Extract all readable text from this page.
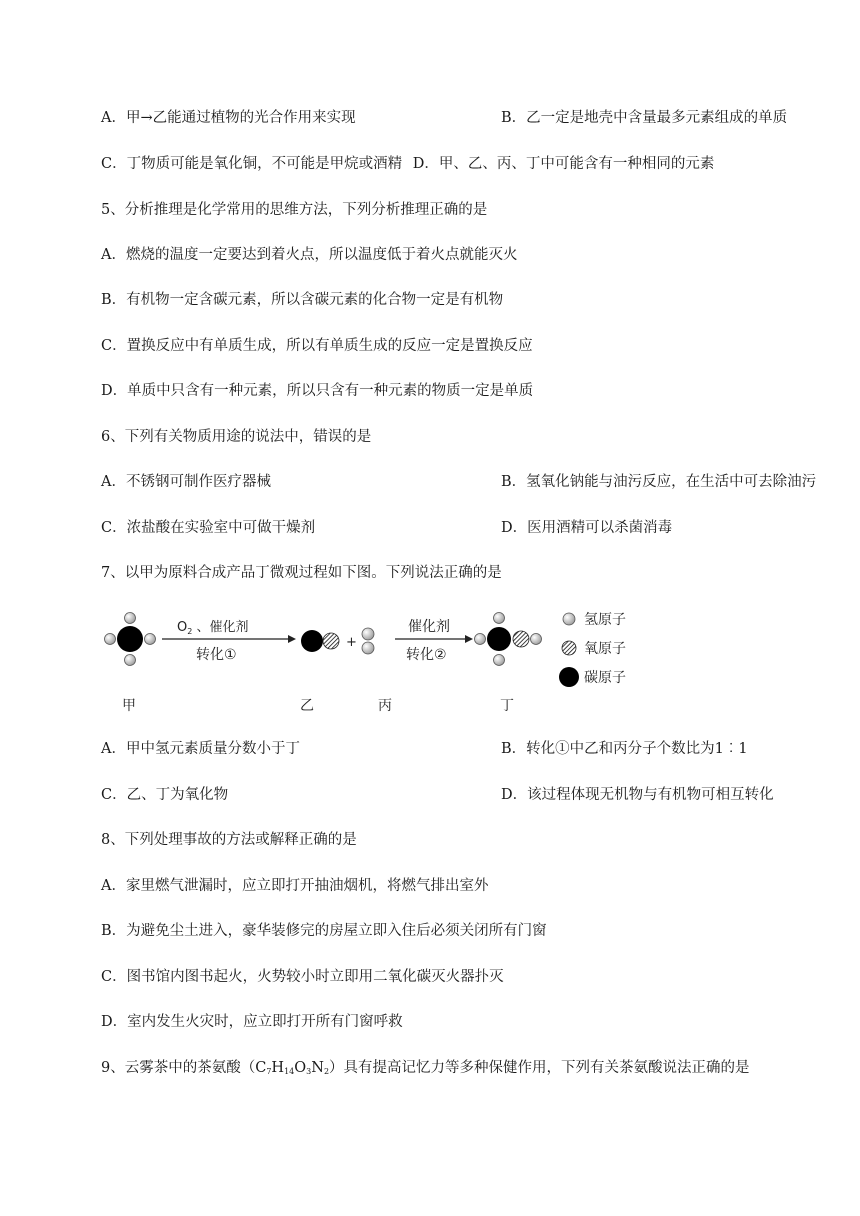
A．甲→乙能通过植物的光合作用来实现	B．乙一定是地壳中含量最多元素组成的单质
C．丁物质可能是氧化铜，不可能是甲烷或酒精 D．甲、乙、丙、丁中可能含有一种相同的元素
5、分析推理是化学常用的思维方法，下列分析推理正确的是
A．燃烧的温度一定要达到着火点，所以温度低于着火点就能灭火
B．有机物一定含碳元素，所以含碳元素的化合物一定是有机物
C．置换反应中有单质生成，所以有单质生成的反应一定是置换反应
D．单质中只含有一种元素，所以只含有一种元素的物质一定是单质
6、下列有关物质用途的说法中，错误的是
A．不锈钢可制作医疗器械	B．氢氧化钠能与油污反应，在生活中可去除油污
C．浓盐酸在实验室中可做干燥剂	D．医用酒精可以杀菌消毒
7、以甲为原料合成产品丁微观过程如下图。下列说法正确的是
$O_2$ 、催化剂
转化①
+
催化剂
转化②
氢原子
氧原子
碳原子
甲	乙	丙	丁
A．甲中氢元素质量分数小于丁	B．转化①中乙和丙分子个数比为1︰1
C．乙、丁为氧化物	D．该过程体现无机物与有机物可相互转化
8、下列处理事故的方法或解释正确的是
A．家里燃气泄漏时，应立即打开抽油烟机，将燃气排出室外
B．为避免尘土进入，豪华装修完的房屋立即入住后必须关闭所有门窗
C．图书馆内图书起火，火势较小时立即用二氧化碳灭火器扑灭
D．室内发生火灾时，应立即打开所有门窗呼救
9、云雾茶中的茶氨酸$(C_7H_{14}O_3N_2)$具有提高记忆力等多种保健作用，下列有关茶氨酸说法正确的是
